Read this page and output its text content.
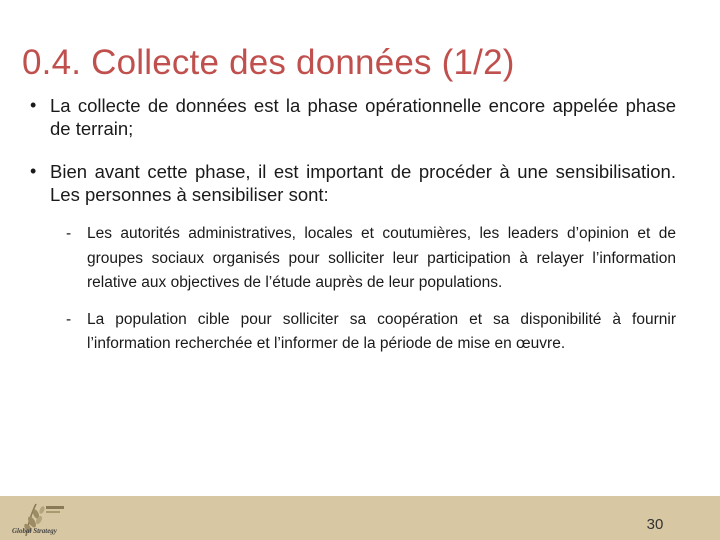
0.4. Collecte des données (1/2)
• La collecte de données est la phase opérationnelle encore appelée phase de terrain;
• Bien avant cette phase, il est important de procéder à une sensibilisation. Les personnes à sensibiliser sont:
- Les autorités administratives, locales et coutumières, les leaders d’opinion et de groupes sociaux organisés pour solliciter leur participation à relayer l’information relative aux objectives de l’étude auprès de leur populations.
- La population cible pour solliciter sa coopération et sa disponibilité à fournir l’information recherchée et l’informer de la période de mise en œuvre.
Global Strategy	30
